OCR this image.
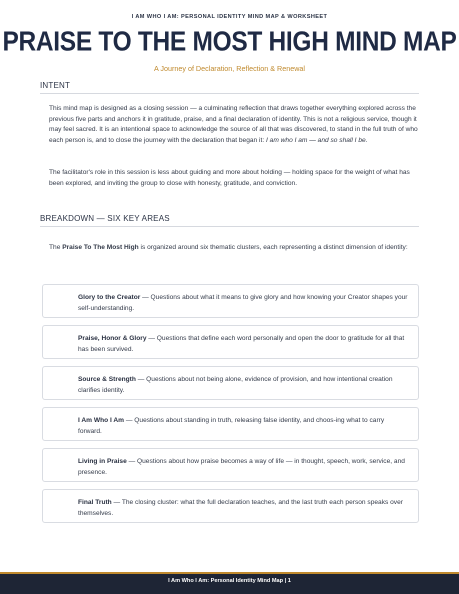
I AM WHO I AM: PERSONAL IDENTITY MIND MAP & WORKSHEET
PRAISE TO THE MOST HIGH MIND MAP
A Journey of Declaration, Reflection & Renewal
INTENT
This mind map is designed as a closing session — a culminating reflection that draws together everything explored across the previous five parts and anchors it in gratitude, praise, and a final declaration of identity. This is not a religious service, though it may feel sacred. It is an intentional space to acknowledge the source of all that was discovered, to stand in the full truth of who each person is, and to close the journey with the declaration that began it: I am who I am — and so shall I be.
The facilitator's role in this session is less about guiding and more about holding — holding space for the weight of what has been explored, and inviting the group to close with honesty, gratitude, and conviction.
BREAKDOWN — SIX KEY AREAS
The Praise To The Most High is organized around six thematic clusters, each representing a distinct dimension of identity:
Glory to the Creator — Questions about what it means to give glory and how knowing your Creator shapes your self-understanding.
Praise, Honor & Glory — Questions that define each word personally and open the door to gratitude for all that has been survived.
Source & Strength — Questions about not being alone, evidence of provision, and how intentional creation clarifies identity.
I Am Who I Am — Questions about standing in truth, releasing false identity, and choos-ing what to carry forward.
Living in Praise — Questions about how praise becomes a way of life — in thought, speech, work, service, and presence.
Final Truth — The closing cluster: what the full declaration teaches, and the last truth each person speaks over themselves.
I Am Who I Am: Personal Identity Mind Map | 1
